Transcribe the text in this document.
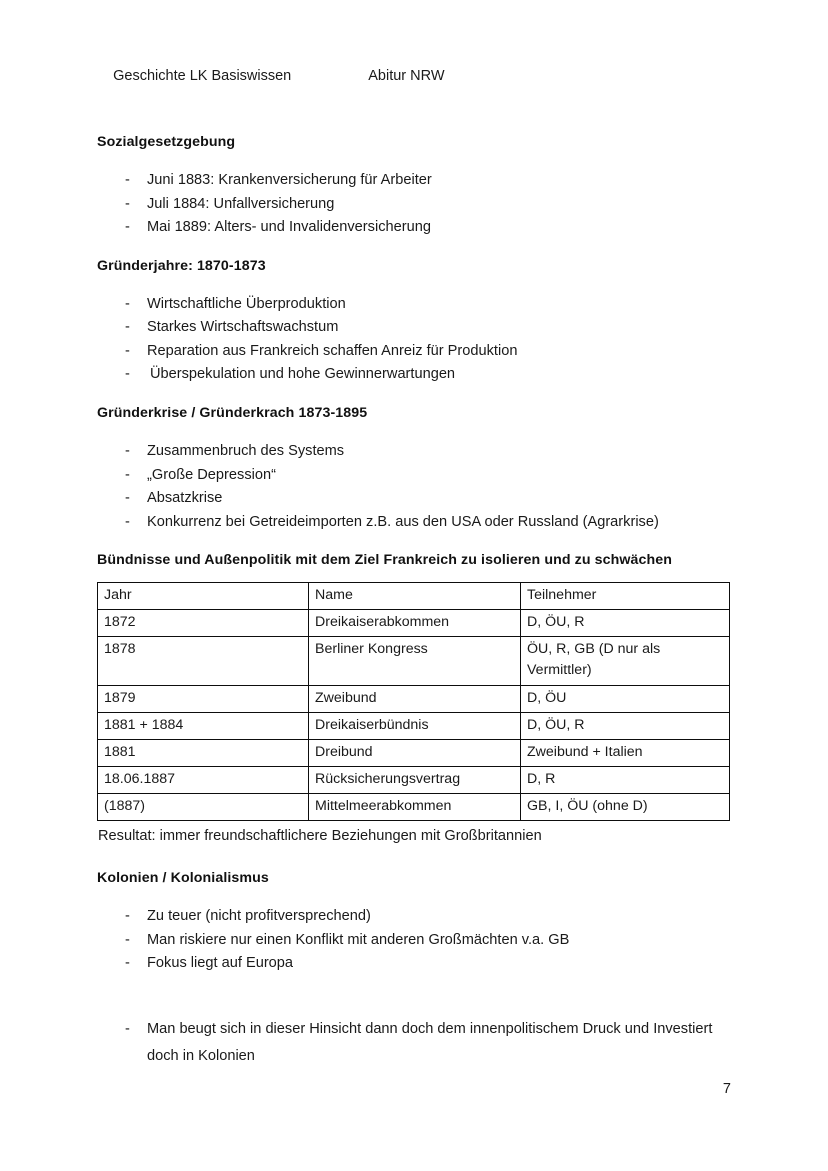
Geschichte LK Basiswissen	Abitur NRW

Sozialgesetzgebung
- Juni 1883: Krankenversicherung für Arbeiter
- Juli 1884: Unfallversicherung
- Mai 1889: Alters- und Invalidenversicherung
Gründerjahre: 1870-1873
- Wirtschaftliche Überproduktion
- Starkes Wirtschaftswachstum
- Reparation aus Frankreich schaffen Anreiz für Produktion
- Überspekulation und hohe Gewinnerwartungen
Gründerkrise / Gründerkrach 1873-1895
- Zusammenbruch des Systems
- „Große Depression“
- Absatzkrise
- Konkurrenz bei Getreideimporten z.B. aus den USA oder Russland (Agrarkrise)
Bündnisse und Außenpolitik mit dem Ziel Frankreich zu isolieren und zu schwächen
Jahr	Name	Teilnehmer
1872	Dreikaiserabkommen	D, ÖU, R
1878	Berliner Kongress	ÖU, R, GB (D nur als Vermittler)
1879	Zweibund	D, ÖU
1881 + 1884	Dreikaiserbündnis	D, ÖU, R
1881	Dreibund	Zweibund + Italien
18.06.1887	Rücksicherungsvertrag	D, R
(1887)	Mittelmeerabkommen	GB, I, ÖU (ohne D)

Resultat: immer freundschaftlichere Beziehungen mit Großbritannien

Kolonien / Kolonialismus
- Zu teuer (nicht profitversprechend)
- Man riskiere nur einen Konflikt mit anderen Großmächten v.a. GB
- Fokus liegt auf Europa
- Man beugt sich in dieser Hinsicht dann doch dem innenpolitischem Druck und Investiert doch in Kolonien
7
